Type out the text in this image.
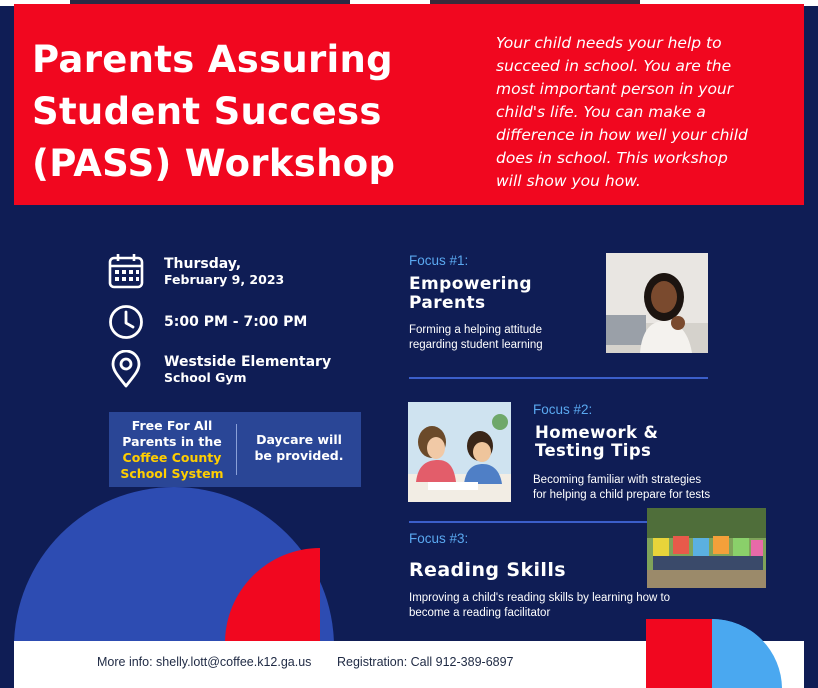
Parents Assuring
Student Success
(PASS) Workshop
Your child needs your help to
succeed in school. You are the
most important person in your
child's life. You can make a
difference in how well your child
does in school. This workshop
will show you how.
Thursday,
February 9, 2023
5:00 PM - 7:00 PM
Westside Elementary
School Gym
Free For All
Parents in the
Coffee County
School System
Daycare will
be provided.
Focus #1:
Empowering
Parents
Forming a helping attitude
regarding student learning
Focus #2:
Homework &
Testing Tips
Becoming familiar with strategies
for helping a child prepare for tests
Focus #3:
Reading Skills
Improving a child's reading skills by learning how to
become a reading facilitator
More info: shelly.lott@coffee.k12.ga.us Registration: Call 912-389-6897
